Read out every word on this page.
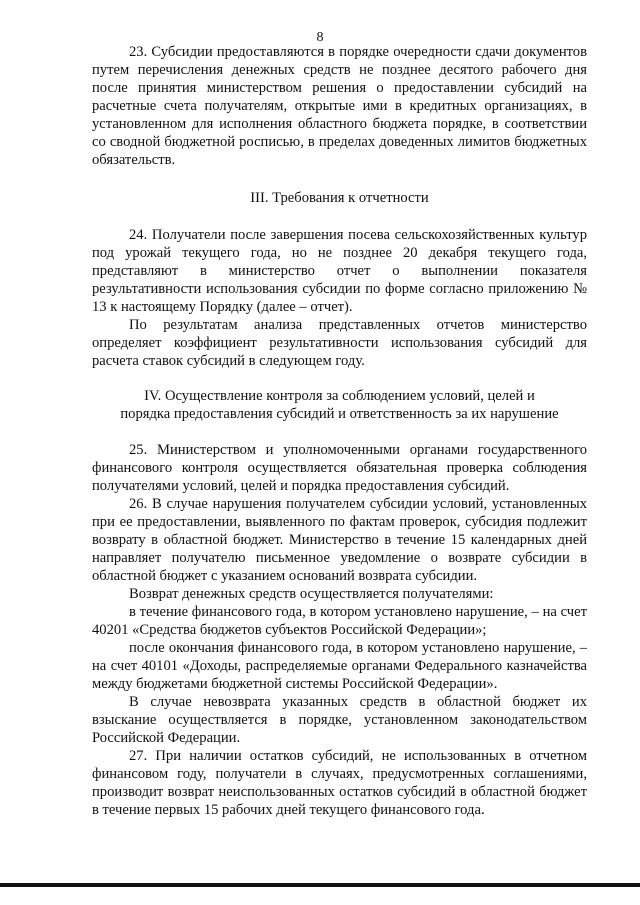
8

23. Субсидии предоставляются в порядке очередности сдачи документов путем перечисления денежных средств не позднее десятого рабочего дня после принятия министерством решения о предоставлении субсидий на расчетные счета получателям, открытые ими в кредитных организациях, в установленном для исполнения областного бюджета порядке, в соответствии со сводной бюджетной росписью, в пределах доведенных лимитов бюджетных обязательств.

III. Требования к отчетности

24. Получатели после завершения посева сельскохозяйственных культур под урожай текущего года, но не позднее 20 декабря текущего года, представляют в министерство отчет о выполнении показателя результативности использования субсидии по форме согласно приложению № 13 к настоящему Порядку (далее – отчет).

По результатам анализа представленных отчетов министерство определяет коэффициент результативности использования субсидий для расчета ставок субсидий в следующем году.

IV. Осуществление контроля за соблюдением условий, целей и
порядка предоставления субсидий и ответственность за их нарушение

25. Министерством и уполномоченными органами государственного финансового контроля осуществляется обязательная проверка соблюдения получателями условий, целей и порядка предоставления субсидий.

26. В случае нарушения получателем субсидии условий, установленных при ее предоставлении, выявленного по фактам проверок, субсидия подлежит возврату в областной бюджет. Министерство в течение 15 календарных дней направляет получателю письменное уведомление о возврате субсидии в областной бюджет с указанием оснований возврата субсидии.

Возврат денежных средств осуществляется получателями:

в течение финансового года, в котором установлено нарушение, – на счет 40201 «Средства бюджетов субъектов Российской Федерации»;

после окончания финансового года, в котором установлено нарушение, – на счет 40101 «Доходы, распределяемые органами Федерального казначейства между бюджетами бюджетной системы Российской Федерации».

В случае невозврата указанных средств в областной бюджет их взыскание осуществляется в порядке, установленном законодательством Российской Федерации.

27. При наличии остатков субсидий, не использованных в отчетном финансовом году, получатели в случаях, предусмотренных соглашениями, производит возврат неиспользованных остатков субсидий в областной бюджет в течение первых 15 рабочих дней текущего финансового года.
